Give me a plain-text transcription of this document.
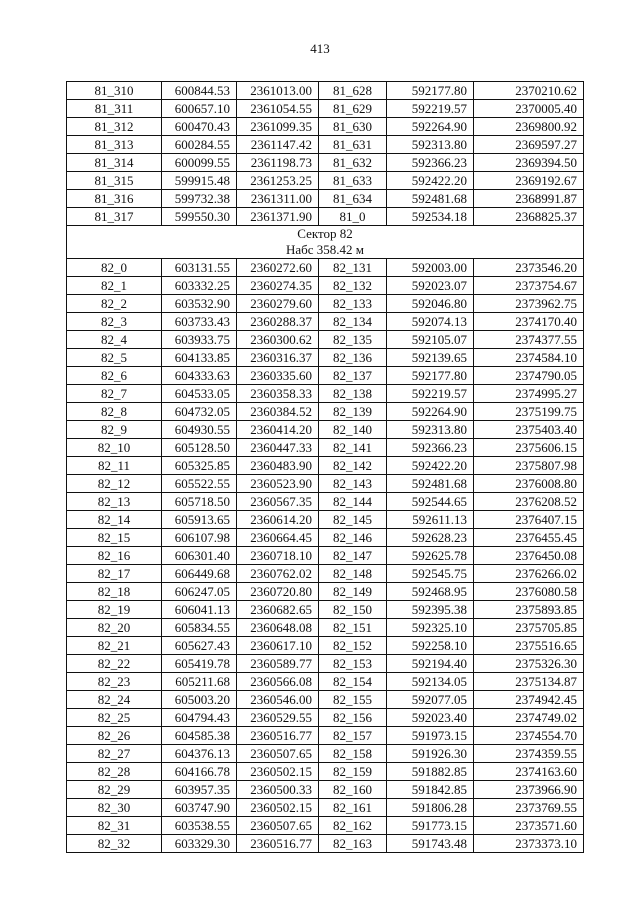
413
81_310	600844.53	2361013.00	81_628	592177.80	2370210.62
81_311	600657.10	2361054.55	81_629	592219.57	2370005.40
81_312	600470.43	2361099.35	81_630	592264.90	2369800.92
81_313	600284.55	2361147.42	81_631	592313.80	2369597.27
81_314	600099.55	2361198.73	81_632	592366.23	2369394.50
81_315	599915.48	2361253.25	81_633	592422.20	2369192.67
81_316	599732.38	2361311.00	81_634	592481.68	2368991.87
81_317	599550.30	2361371.90	81_0	592534.18	2368825.37

Сектор 82
Набс 358.42 м					

82_0	603131.55	2360272.60	82_131	592003.00	2373546.20
82_1	603332.25	2360274.35	82_132	592023.07	2373754.67
82_2	603532.90	2360279.60	82_133	592046.80	2373962.75
82_3	603733.43	2360288.37	82_134	592074.13	2374170.40
82_4	603933.75	2360300.62	82_135	592105.07	2374377.55
82_5	604133.85	2360316.37	82_136	592139.65	2374584.10
82_6	604333.63	2360335.60	82_137	592177.80	2374790.05
82_7	604533.05	2360358.33	82_138	592219.57	2374995.27
82_8	604732.05	2360384.52	82_139	592264.90	2375199.75
82_9	604930.55	2360414.20	82_140	592313.80	2375403.40
82_10	605128.50	2360447.33	82_141	592366.23	2375606.15
82_11	605325.85	2360483.90	82_142	592422.20	2375807.98
82_12	605522.55	2360523.90	82_143	592481.68	2376008.80
82_13	605718.50	2360567.35	82_144	592544.65	2376208.52
82_14	605913.65	2360614.20	82_145	592611.13	2376407.15
82_15	606107.98	2360664.45	82_146	592628.23	2376455.45
82_16	606301.40	2360718.10	82_147	592625.78	2376450.08
82_17	606449.68	2360762.02	82_148	592545.75	2376266.02
82_18	606247.05	2360720.80	82_149	592468.95	2376080.58
82_19	606041.13	2360682.65	82_150	592395.38	2375893.85
82_20	605834.55	2360648.08	82_151	592325.10	2375705.85
82_21	605627.43	2360617.10	82_152	592258.10	2375516.65
82_22	605419.78	2360589.77	82_153	592194.40	2375326.30
82_23	605211.68	2360566.08	82_154	592134.05	2375134.87
82_24	605003.20	2360546.00	82_155	592077.05	2374942.45
82_25	604794.43	2360529.55	82_156	592023.40	2374749.02
82_26	604585.38	2360516.77	82_157	591973.15	2374554.70
82_27	604376.13	2360507.65	82_158	591926.30	2374359.55
82_28	604166.78	2360502.15	82_159	591882.85	2374163.60
82_29	603957.35	2360500.33	82_160	591842.85	2373966.90
82_30	603747.90	2360502.15	82_161	591806.28	2373769.55
82_31	603538.55	2360507.65	82_162	591773.15	2373571.60
82_32	603329.30	2360516.77	82_163	591743.48	2373373.10
